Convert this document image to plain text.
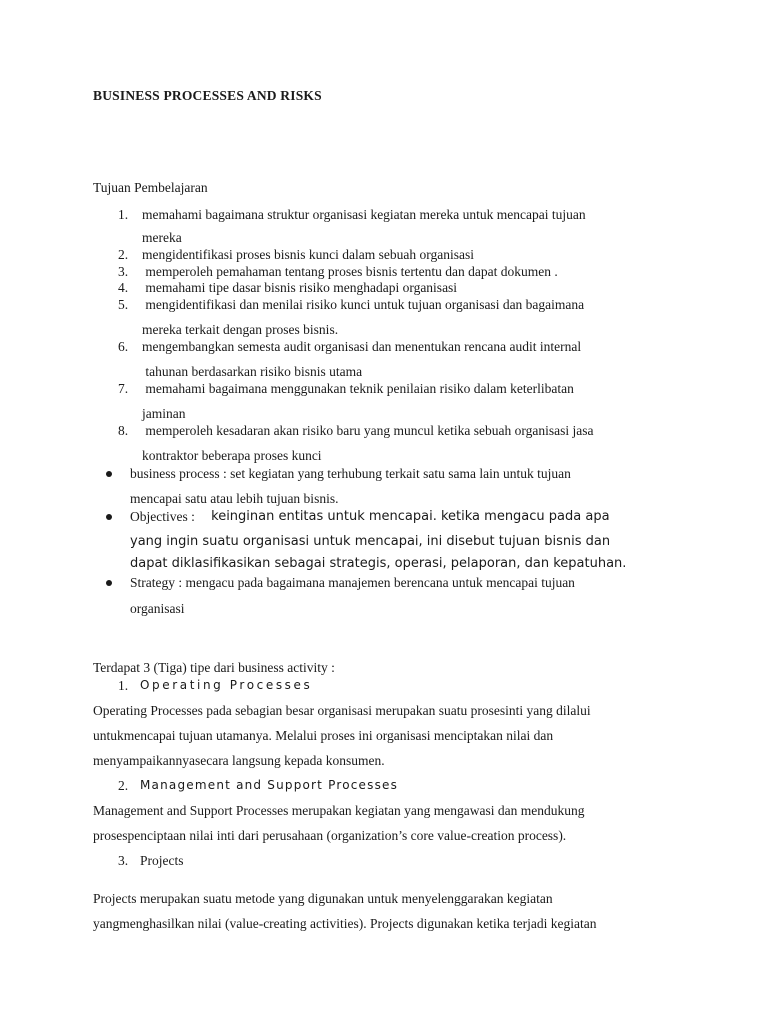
BUSINESS PROCESSES AND RISKS
Tujuan Pembelajaran
1. memahami bagaimana struktur organisasi kegiatan mereka untuk mencapai tujuan
mereka
2. mengidentifikasi proses bisnis kunci dalam sebuah organisasi
3. memperoleh pemahaman tentang proses bisnis tertentu dan dapat dokumen .
4. memahami tipe dasar bisnis risiko menghadapi organisasi
5. mengidentifikasi dan menilai risiko kunci untuk tujuan organisasi dan bagaimana
mereka terkait dengan proses bisnis.
6. mengembangkan semesta audit organisasi dan menentukan rencana audit internal
tahunan berdasarkan risiko bisnis utama
7. memahami bagaimana menggunakan teknik penilaian risiko dalam keterlibatan
jaminan
8. memperoleh kesadaran akan risiko baru yang muncul ketika sebuah organisasi jasa
kontraktor beberapa proses kunci
business process : set kegiatan yang terhubung terkait satu sama lain untuk tujuan
mencapai satu atau lebih tujuan bisnis.
Objectives : keinginan entitas untuk mencapai. ketika mengacu pada apa
yang ingin suatu organisasi untuk mencapai, ini disebut tujuan bisnis dan
dapat diklasifikasikan sebagai strategis, operasi, pelaporan, dan kepatuhan.
Strategy : mengacu pada bagaimana manajemen berencana untuk mencapai tujuan
organisasi
Terdapat 3 (Tiga) tipe dari business activity :
1. Operating Processes
Operating Processes pada sebagian besar organisasi merupakan suatu prosesinti yang dilalui
untukmencapai tujuan utamanya. Melalui proses ini organisasi menciptakan nilai dan
menyampaikannyasecara langsung kepada konsumen.
2. Management and Support Processes
Management and Support Processes merupakan kegiatan yang mengawasi dan mendukung
prosespenciptaan nilai inti dari perusahaan (organization’s core value-creation process).
3. Projects
Projects merupakan suatu metode yang digunakan untuk menyelenggarakan kegiatan
yangmenghasilkan nilai (value-creating activities). Projects digunakan ketika terjadi kegiatan
